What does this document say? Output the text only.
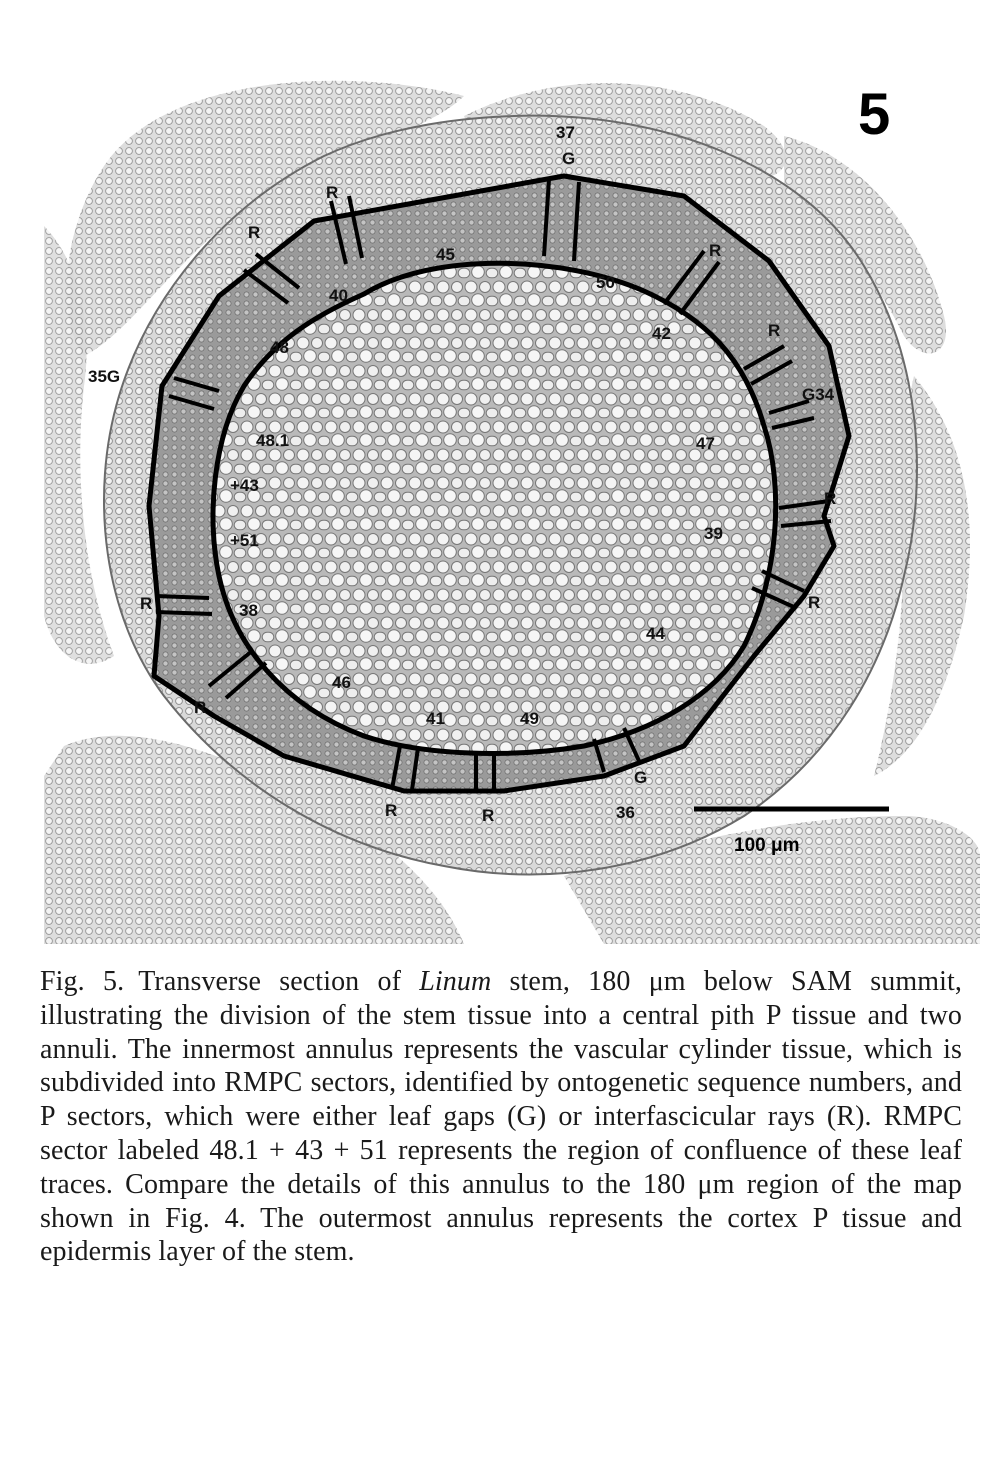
5
45
50
40
42
48
47
48.1
+43
+51	39
38
44
46
41	49
37
G
35G
G34
G
36
R
R
R
R
R
R
R
R
R	R
100 μm

Fig. 5. Transverse section of Linum stem, 180 μm below SAM summit, illustrating the division of the stem tissue into a central pith P tissue and two annuli. The innermost annulus represents the vascular cylinder tissue, which is subdivided into RMPC sectors, identified by ontogenetic sequence numbers, and P sectors, which were either leaf gaps (G) or interfascicular rays (R). RMPC sector labeled 48.1 + 43 + 51 represents the region of confluence of these leaf traces. Compare the details of this annulus to the 180 μm region of the map shown in Fig. 4. The outermost annulus represents the cortex P tissue and epidermis layer of the stem.
